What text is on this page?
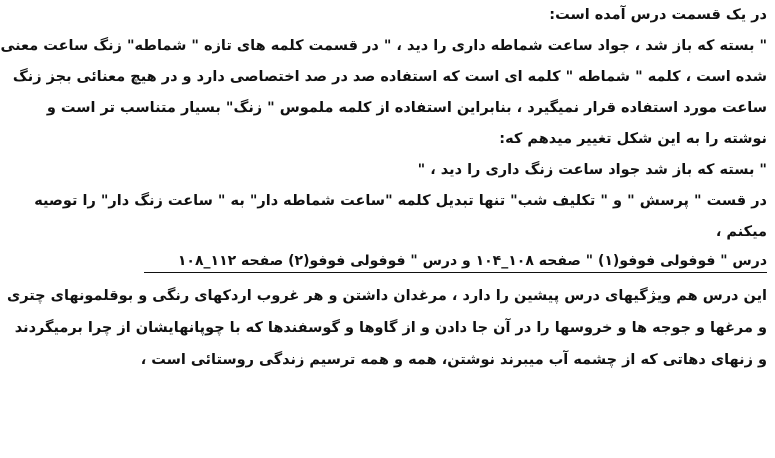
در یک قسمت درس آمده است:

" بسته که باز شد ، جواد ساعت شماطه داری را دید ، " در قسمت کلمه های تازه " شماطه" زنگ ساعت معنی

شده است ، کلمه " شماطه " کلمه ای است که استفاده صد در صد اختصاصی دارد و در هیچ معنائی بجز زنگ

ساعت مورد استفاده قرار نمیگیرد ، بنابراین استفاده از کلمه ملموس " زنگ" بسیار متناسب تر است و

نوشته را به این شکل تغییر میدهم که:

" بسته که باز شد جواد ساعت زنگ داری را دید ، "

در قست " پرسش " و " تکلیف شب" تنها تبدیل کلمه "ساعت شماطه دار" به " ساعت زنگ دار" را توصیه

میکنم ،

درس " فوفولی فوفو(۱) " صفحه ۱۰۸_۱۰۴ و درس " فوفولی فوفو(۲) صفحه ۱۱۲_۱۰۸

این درس هم ویژگیهای درس پیشین را دارد ، مرغدان داشتن و هر غروب اردکهای رنگی و بوقلمونهای چتری

و مرغها و جوجه ها و خروسها را در آن جا دادن و از گاوها و گوسفندها که با چوپانهایشان از چرا برمیگردند

و زنهای دهاتی که از چشمه آب میبرند نوشتن، همه و همه ترسیم زندگی روستائی است ،
